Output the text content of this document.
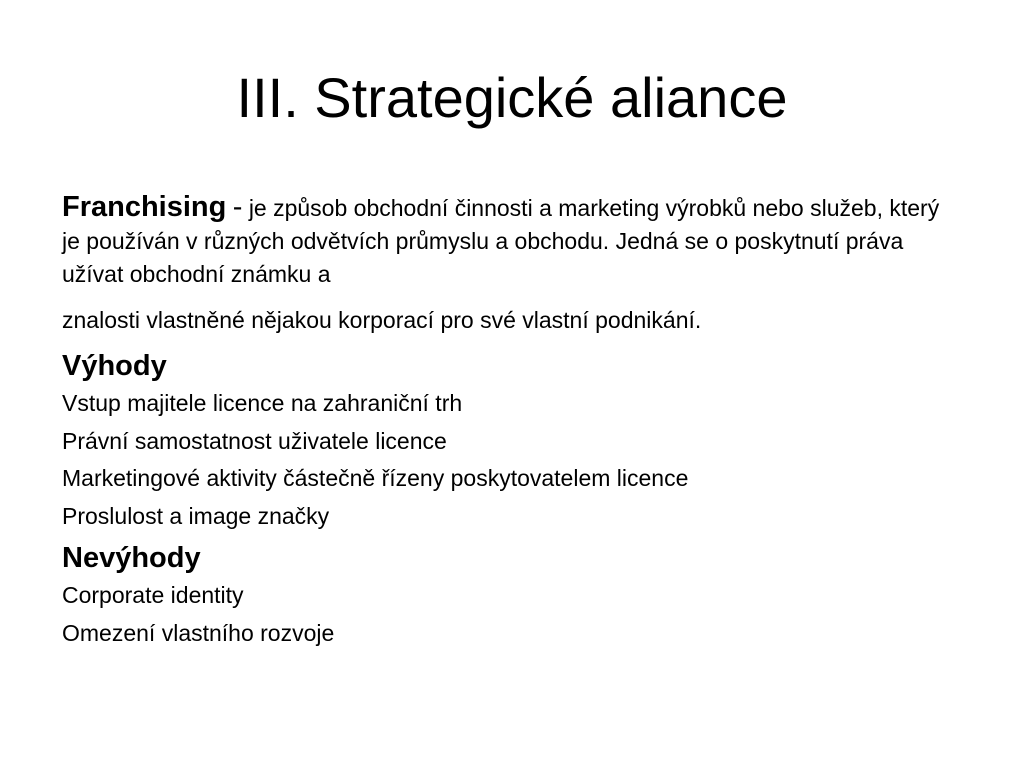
III. Strategické aliance

Franchising - je způsob obchodní činnosti a marketing výrobků nebo služeb, který je používán v různých odvětvích průmyslu a obchodu. Jedná se o poskytnutí práva užívat obchodní známku a
znalosti vlastněné nějakou korporací pro své vlastní podnikání.

Výhody
Vstup majitele licence na zahraniční trh
Právní samostatnost uživatele licence
Marketingové aktivity částečně řízeny poskytovatelem licence
Proslulost a image značky
Nevýhody
Corporate identity
Omezení vlastního rozvoje
